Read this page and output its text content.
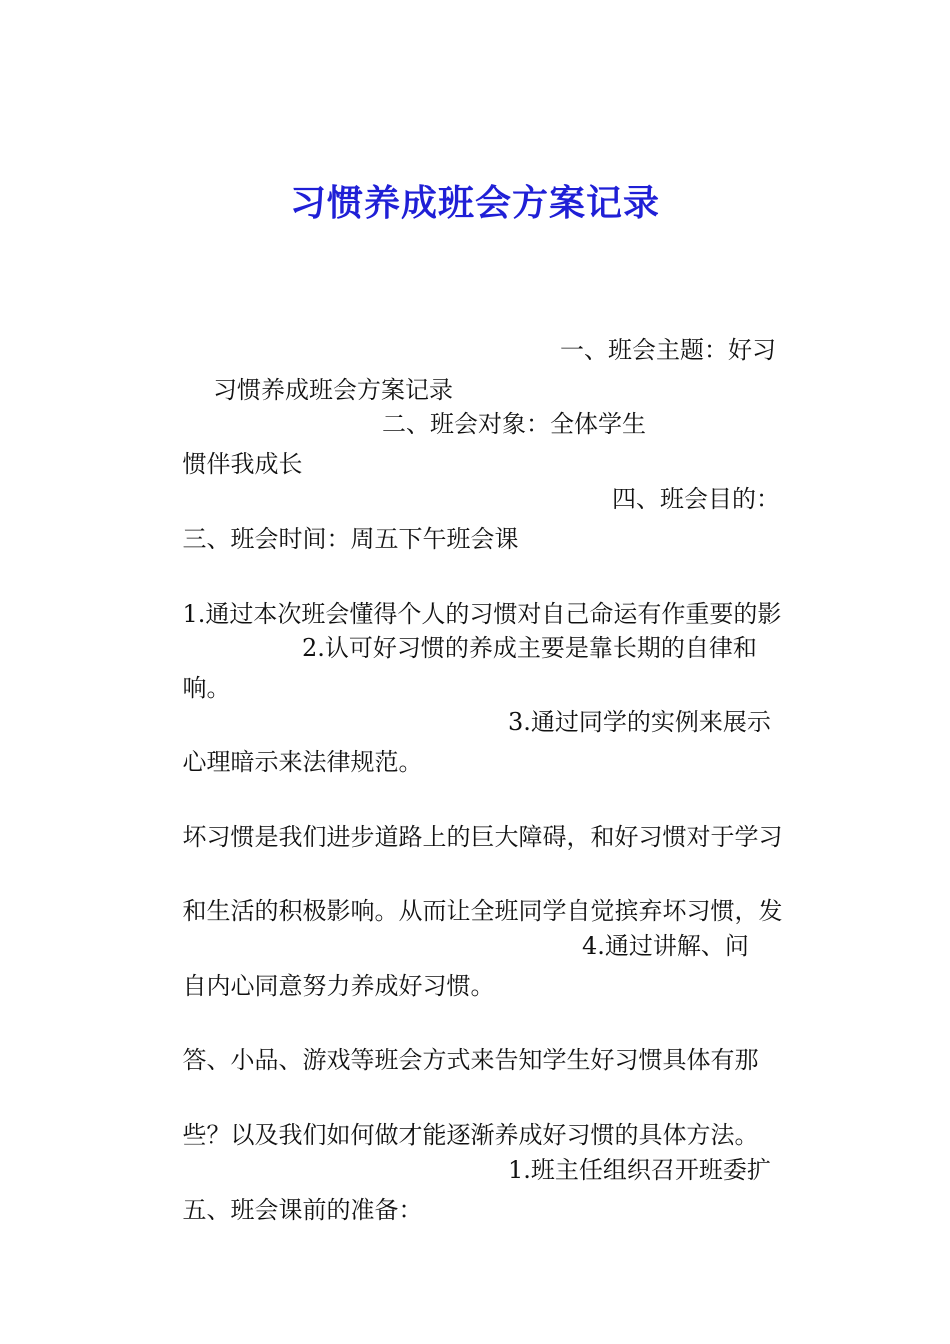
习惯养成班会方案记录

习惯养成班会方案记录

一、班会主题：好习

惯伴我成长

二、班会对象：全体学生

三、班会时间：周五下午班会课

四、班会目的：

1.通过本次班会懂得个人的习惯对自己命运有作重要的影

响。

2.认可好习惯的养成主要是靠长期的自律和

心理暗示来法律规范。

3.通过同学的实例来展示

坏习惯是我们进步道路上的巨大障碍，和好习惯对于学习

和生活的积极影响。从而让全班同学自觉摈弃坏习惯，发

自内心同意努力养成好习惯。

4.通过讲解、问

答、小品、游戏等班会方式来告知学生好习惯具体有那

些？以及我们如何做才能逐渐养成好习惯的具体方法。

五、班会课前的准备：

1.班主任组织召开班委扩
